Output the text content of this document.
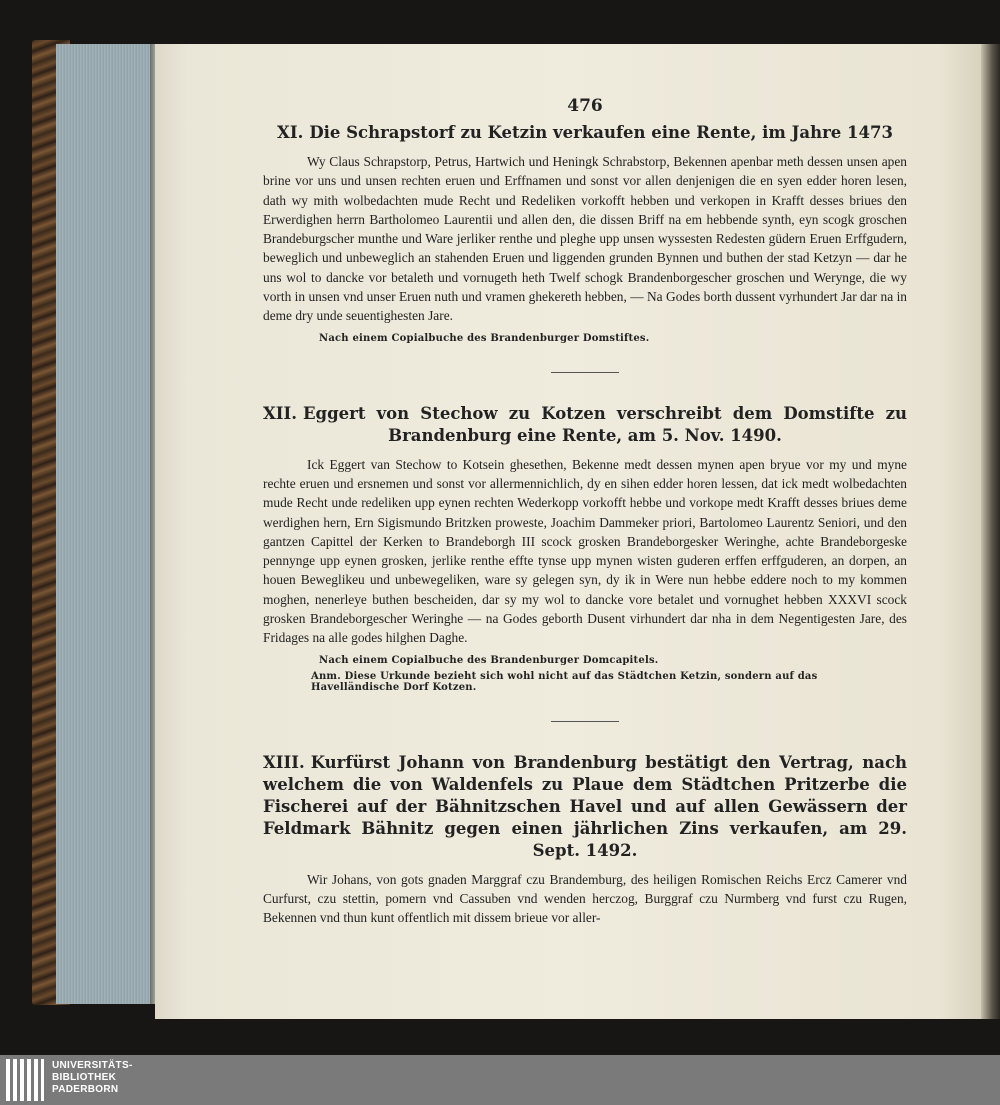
476
XI. Die Schrapstorf zu Ketzin verkaufen eine Rente, im Jahre 1473

Wy Claus Schrapstorp, Petrus, Hartwich und Heningk Schrabstorp, Bekennen apenbar meth dessen unsen apen brine vor uns und unsen rechten eruen und Erffnamen und sonst vor allen denjenigen die en syen edder horen lesen, dath wy mith wolbedachten mude Recht und Redeliken vorkofft hebben und verkopen in Krafft desses briues den Erwerdighen herrn Bartholomeo Laurentii und allen den, die dissen Briff na em hebbende synth, eyn scogk groschen Brandeburgscher munthe und Ware jerliker renthe und pleghe upp unsen wyssesten Redesten güdern Eruen Erffgudern, beweglich und unbeweglich an stahenden Eruen und liggenden grunden Bynnen und buthen der stad Ketzyn — dar he uns wol to dancke vor betaleth und vornugeth heth Twelf schogk Brandenborgescher groschen und Werynge, die wy vorth in unsen vnd unser Eruen nuth und vramen ghekereth hebben, — Na Godes borth dussent vyrhundert Jar dar na in deme dry unde seuentighesten Jare.

Nach einem Copialbuche des Brandenburger Domstiftes.
XII. Eggert von Stechow zu Kotzen verschreibt dem Domstifte zu Brandenburg eine Rente, am 5. Nov. 1490.

Ick Eggert van Stechow to Kotsein ghesethen, Bekenne medt dessen mynen apen bryue vor my und myne rechte eruen und ersnemen und sonst vor allermennichlich, dy en sihen edder horen lessen, dat ick medt wolbedachten mude Recht unde redeliken upp eynen rechten Wederkopp vorkofft hebbe und vorkope medt Krafft desses briues deme werdighen hern, Ern Sigismundo Britzken proweste, Joachim Dammeker priori, Bartolomeo Laurentz Seniori, und den gantzen Capittel der Kerken to Brandeborgh III scock grosken Brandeborgesker Weringhe, achte Brandeborgeske pennynge upp eynen grosken, jerlike renthe effte tynse upp mynen wisten guderen erffen erffguderen, an dorpen, an houen Beweglikeu und unbewegeliken, ware sy gelegen syn, dy ik in Were nun hebbe eddere noch to my kommen moghen, nenerleye buthen bescheiden, dar sy my wol to dancke vore betalet und vornughet hebben XXXVI scock grosken Brandeborgescher Weringhe — na Godes geborth Dusent virhundert dar nha in dem Negentigesten Jare, des Fridages na alle godes hilghen Daghe.

Nach einem Copialbuche des Brandenburger Domcapitels.
Anm. Diese Urkunde bezieht sich wohl nicht auf das Städtchen Ketzin, sondern auf das Havelländische Dorf Kotzen.
XIII. Kurfürst Johann von Brandenburg bestätigt den Vertrag, nach welchem die von Waldenfels zu Plaue dem Städtchen Pritzerbe die Fischerei auf der Bähnitzschen Havel und auf allen Gewässern der Feldmark Bähnitz gegen einen jährlichen Zins verkaufen, am 29. Sept. 1492.

Wir Johans, von gots gnaden Marggraf czu Brandemburg, des heiligen Romischen Reichs Ercz Camerer vnd Curfurst, czu stettin, pomern vnd Cassuben vnd wenden herczog, Burggraf czu Nurmberg vnd furst czu Rugen, Bekennen vnd thun kunt offentlich mit dissem brieue vor aller-

UNIVERSITÄTS-
BIBLIOTHEK
PADERBORN
